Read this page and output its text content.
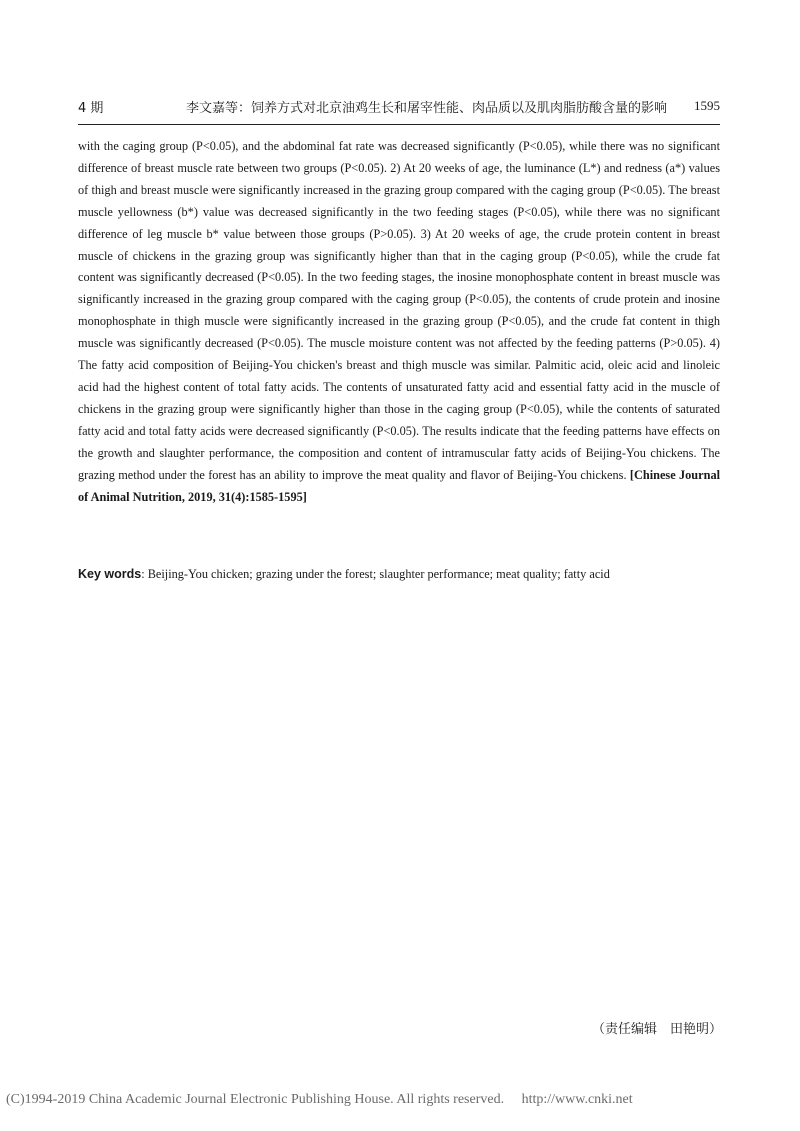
4 期	李文嘉等：饲养方式对北京油鸡生长和屠宰性能、肉品质以及肌肉脂肪酸含量的影响 1595

with the caging group (P<0.05), and the abdominal fat rate was decreased significantly (P<0.05), while there was no significant difference of breast muscle rate between two groups (P<0.05). 2) At 20 weeks of age, the luminance (L*) and redness (a*) values of thigh and breast muscle were significantly increased in the grazing group compared with the caging group (P<0.05). The breast muscle yellowness (b*) value was decreased significantly in the two feeding stages (P<0.05), while there was no significant difference of leg muscle b* value between those groups (P>0.05). 3) At 20 weeks of age, the crude protein content in breast muscle of chickens in the grazing group was significantly higher than that in the caging group (P<0.05), while the crude fat content was significantly decreased (P<0.05). In the two feeding stages, the inosine monophosphate content in breast muscle was significantly increased in the grazing group compared with the caging group (P<0.05), the contents of crude protein and inosine monophosphate in thigh muscle were significantly increased in the grazing group (P<0.05), and the crude fat content in thigh muscle was significantly decreased (P<0.05). The muscle moisture content was not affected by the feeding patterns (P>0.05). 4) The fatty acid composition of Beijing-You chicken's breast and thigh muscle was similar. Palmitic acid, oleic acid and linoleic acid had the highest content of total fatty acids. The contents of unsaturated fatty acid and essential fatty acid in the muscle of chickens in the grazing group were significantly higher than those in the caging group (P<0.05), while the contents of saturated fatty acid and total fatty acids were decreased significantly (P<0.05). The results indicate that the feeding patterns have effects on the growth and slaughter performance, the composition and content of intramuscular fatty acids of Beijing-You chickens. The grazing method under the forest has an ability to improve the meat quality and flavor of Beijing-You chickens. [Chinese Journal of Animal Nutrition, 2019, 31(4):1585-1595]

Key words: Beijing-You chicken; grazing under the forest; slaughter performance; meat quality; fatty acid

（责任编辑　田艳明）
(C)1994-2019 China Academic Journal Electronic Publishing House. All rights reserved. http://www.cnki.net
